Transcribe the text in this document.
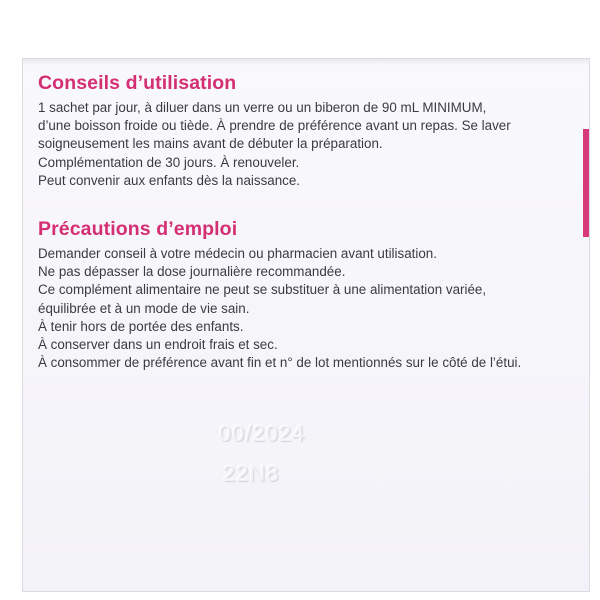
Conseils d’utilisation

1 sachet par jour, à diluer dans un verre ou un biberon de 90 mL MINIMUM,
d’une boisson froide ou tiède. À prendre de préférence avant un repas. Se laver
soigneusement les mains avant de débuter la préparation.
Complémentation de 30 jours. À renouveler.
Peut convenir aux enfants dès la naissance.

Précautions d’emploi

Demander conseil à votre médecin ou pharmacien avant utilisation.
Ne pas dépasser la dose journalière recommandée.
Ce complément alimentaire ne peut se substituer à une alimentation variée,
équilibrée et à un mode de vie sain.
À tenir hors de portée des enfants.
À conserver dans un endroit frais et sec.
À consommer de préférence avant fin et n° de lot mentionnés sur le côté de l’étui.

00/2024
22N8
